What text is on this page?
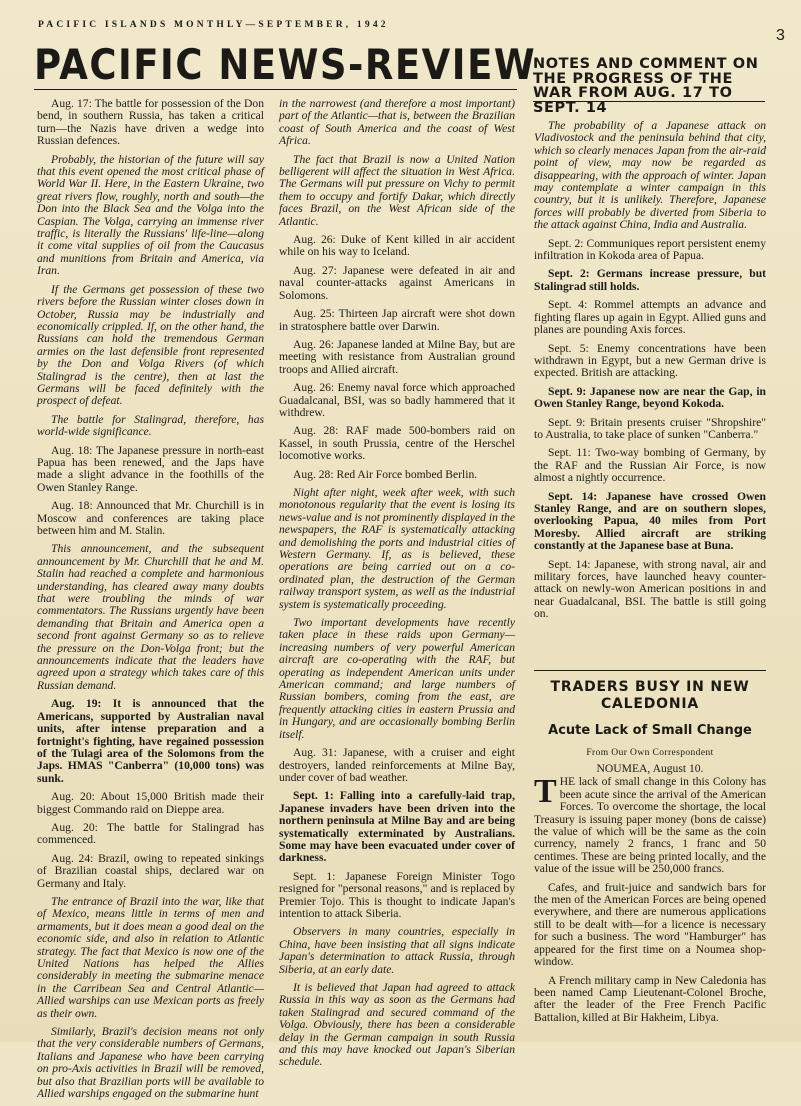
PACIFIC ISLANDS MONTHLY—SEPTEMBER, 1942
3
PACIFIC NEWS-REVIEW
NOTES AND COMMENT ON THE PROGRESS OF THE WAR FROM AUG. 17 TO SEPT. 14

Aug. 17: The battle for possession of the Don bend, in southern Russia, has taken a critical turn—the Nazis have driven a wedge into Russian defences.

Probably, the historian of the future will say that this event opened the most critical phase of World War II. Here, in the Eastern Ukraine, two great rivers flow, roughly, north and south—the Don into the Black Sea and the Volga into the Caspian. The Volga, carrying an immense river traffic, is literally the Russians' life-line—along it come vital supplies of oil from the Caucasus and munitions from Britain and America, via Iran.

If the Germans get possession of these two rivers before the Russian winter closes down in October, Russia may be industrially and economically crippled. If, on the other hand, the Russians can hold the tremendous German armies on the last defensible front represented by the Don and Volga Rivers (of which Stalingrad is the centre), then at last the Germans will be faced definitely with the prospect of defeat.

The battle for Stalingrad, therefore, has world-wide significance.

Aug. 18: The Japanese pressure in north-east Papua has been renewed, and the Japs have made a slight advance in the foothills of the Owen Stanley Range.

Aug. 18: Announced that Mr. Churchill is in Moscow and conferences are taking place between him and M. Stalin.

This announcement, and the subsequent announcement by Mr. Churchill that he and M. Stalin had reached a complete and harmonious understanding, has cleared away many doubts that were troubling the minds of war commentators. The Russians urgently have been demanding that Britain and America open a second front against Germany so as to relieve the pressure on the Don-Volga front; but the announcements indicate that the leaders have agreed upon a strategy which takes care of this Russian demand.

Aug. 19: It is announced that the Americans, supported by Australian naval units, after intense preparation and a fortnight's fighting, have regained possession of the Tulagi area of the Solomons from the Japs. HMAS "Canberra" (10,000 tons) was sunk.

Aug. 20: About 15,000 British made their biggest Commando raid on Dieppe area.

Aug. 20: The battle for Stalingrad has commenced.

Aug. 24: Brazil, owing to repeated sinkings of Brazilian coastal ships, declared war on Germany and Italy.

The entrance of Brazil into the war, like that of Mexico, means little in terms of men and armaments, but it does mean a good deal on the economic side, and also in relation to Atlantic strategy. The fact that Mexico is now one of the United Nations has helped the Allies considerably in meeting the submarine menace in the Carribean Sea and Central Atlantic—Allied warships can use Mexican ports as freely as their own.

Similarly, Brazil's decision means not only that the very considerable numbers of Germans, Italians and Japanese who have been carrying on pro-Axis activities in Brazil will be removed, but also that Brazilian ports will be available to Allied warships engaged on the submarine hunt

in the narrowest (and therefore a most important) part of the Atlantic—that is, between the Brazilian coast of South America and the coast of West Africa.

The fact that Brazil is now a United Nation belligerent will affect the situation in West Africa. The Germans will put pressure on Vichy to permit them to occupy and fortify Dakar, which directly faces Brazil, on the West African side of the Atlantic.

Aug. 26: Duke of Kent killed in air accident while on his way to Iceland.

Aug. 27: Japanese were defeated in air and naval counter-attacks against Americans in Solomons.

Aug. 25: Thirteen Jap aircraft were shot down in stratosphere battle over Darwin.

Aug. 26: Japanese landed at Milne Bay, but are meeting with resistance from Australian ground troops and Allied aircraft.

Aug. 26: Enemy naval force which approached Guadalcanal, BSI, was so badly hammered that it withdrew.

Aug. 28: RAF made 500-bombers raid on Kassel, in south Prussia, centre of the Herschel locomotive works.

Aug. 28: Red Air Force bombed Berlin.

Night after night, week after week, with such monotonous regularity that the event is losing its news-value and is not prominently displayed in the newspapers, the RAF is systematically attacking and demolishing the ports and industrial cities of Western Germany. If, as is believed, these operations are being carried out on a co-ordinated plan, the destruction of the German railway transport system, as well as the industrial system is systematically proceeding.

Two important developments have recently taken place in these raids upon Germany—increasing numbers of very powerful American aircraft are co-operating with the RAF, but operating as independent American units under American command; and large numbers of Russian bombers, coming from the east, are frequently attacking cities in eastern Prussia and in Hungary, and are occasionally bombing Berlin itself.

Aug. 31: Japanese, with a cruiser and eight destroyers, landed reinforcements at Milne Bay, under cover of bad weather.

Sept. 1: Falling into a carefully-laid trap, Japanese invaders have been driven into the northern peninsula at Milne Bay and are being systematically exterminated by Australians. Some may have been evacuated under cover of darkness.

Sept. 1: Japanese Foreign Minister Togo resigned for "personal reasons," and is replaced by Premier Tojo. This is thought to indicate Japan's intention to attack Siberia.

Observers in many countries, especially in China, have been insisting that all signs indicate Japan's determination to attack Russia, through Siberia, at an early date.

It is believed that Japan had agreed to attack Russia in this way as soon as the Germans had taken Stalingrad and secured command of the Volga. Obviously, there has been a considerable delay in the German campaign in south Russia and this may have knocked out Japan's Siberian schedule.

The probability of a Japanese attack on Vladivostock and the peninsula behind that city, which so clearly menaces Japan from the air-raid point of view, may now be regarded as disappearing, with the approach of winter. Japan may contemplate a winter campaign in this country, but it is unlikely. Therefore, Japanese forces will probably be diverted from Siberia to the attack against China, India and Australia.

Sept. 2: Communiques report persistent enemy infiltration in Kokoda area of Papua.

Sept. 2: Germans increase pressure, but Stalingrad still holds.

Sept. 4: Rommel attempts an advance and fighting flares up again in Egypt. Allied guns and planes are pounding Axis forces.

Sept. 5: Enemy concentrations have been withdrawn in Egypt, but a new German drive is expected. British are attacking.

Sept. 9: Japanese now are near the Gap, in Owen Stanley Range, beyond Kokoda.

Sept. 9: Britain presents cruiser "Shropshire" to Australia, to take place of sunken "Canberra."

Sept. 11: Two-way bombing of Germany, by the RAF and the Russian Air Force, is now almost a nightly occurrence.

Sept. 14: Japanese have crossed Owen Stanley Range, and are on southern slopes, overlooking Papua, 40 miles from Port Moresby. Allied aircraft are striking constantly at the Japanese base at Buna.

Sept. 14: Japanese, with strong naval, air and military forces, have launched heavy counter-attack on newly-won American positions in and near Guadalcanal, BSI. The battle is still going on.

TRADERS BUSY IN NEW CALEDONIA
Acute Lack of Small Change
From Our Own Correspondent

NOUMEA, August 10.

THE lack of small change in this Colony has been acute since the arrival of the American Forces. To overcome the shortage, the local Treasury is issuing paper money (bons de caisse) the value of which will be the same as the coin currency, namely 2 francs, 1 franc and 50 centimes. These are being printed locally, and the value of the issue will be 250,000 francs.

Cafes, and fruit-juice and sandwich bars for the men of the American Forces are being opened everywhere, and there are numerous applications still to be dealt with—for a licence is necessary for such a business. The word "Hamburger" has appeared for the first time on a Noumea shop-window.

A French military camp in New Caledonia has been named Camp Lieutenant-Colonel Broche, after the leader of the Free French Pacific Battalion, killed at Bir Hakheim, Libya.
